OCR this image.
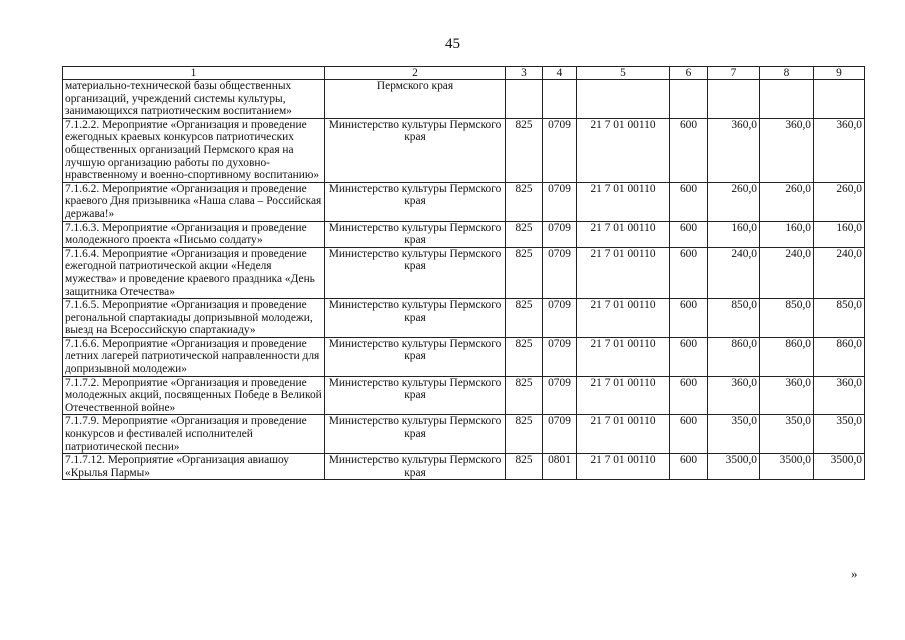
45
1	2	3	4	5	6	7	8	9
материально-технической базы общественных организаций, учреждений системы культуры, занимающихся патриотическим воспитанием»	Пермского края							
7.1.2.2. Мероприятие «Организация и проведение ежегодных краевых конкурсов патриотических общественных организаций Пермского края на лучшую организацию работы по духовно-нравственному и военно-спортивному воспитанию»	Министерство культуры Пермского края	825	0709	21 7 01 00110	600	360,0	360,0	360,0
7.1.6.2. Мероприятие «Организация и проведение краевого Дня призывника «Наша слава – Российская держава!»	Министерство культуры Пермского края	825	0709	21 7 01 00110	600	260,0	260,0	260,0
7.1.6.3. Мероприятие «Организация и проведение молодежного проекта «Письмо солдату»	Министерство культуры Пермского края	825	0709	21 7 01 00110	600	160,0	160,0	160,0
7.1.6.4. Мероприятие «Организация и проведение ежегодной патриотической акции «Неделя мужества» и проведение краевого праздника «День защитника Отечества»	Министерство культуры Пермского края	825	0709	21 7 01 00110	600	240,0	240,0	240,0
7.1.6.5. Мероприятие «Организация и проведение регональной спартакиады допризывной молодежи, выезд на Всероссийскую спартакиаду»	Министерство культуры Пермского края	825	0709	21 7 01 00110	600	850,0	850,0	850,0
7.1.6.6. Мероприятие «Организация и проведение летних лагерей патриотической направленности для допризывной молодежи»	Министерство культуры Пермского края	825	0709	21 7 01 00110	600	860,0	860,0	860,0
7.1.7.2. Мероприятие «Организация и проведение молодежных акций, посвященных Победе в Великой Отечественной войне»	Министерство культуры Пермского края	825	0709	21 7 01 00110	600	360,0	360,0	360,0
7.1.7.9. Мероприятие «Организация и проведение конкурсов и фестивалей исполнителей патриотической песни»	Министерство культуры Пермского края	825	0709	21 7 01 00110	600	350,0	350,0	350,0
7.1.7.12. Мероприятие «Организация авиашоу «Крылья Пармы»	Министерство культуры Пермского края	825	0801	21 7 01 00110	600	3500,0	3500,0	3500,0
»
